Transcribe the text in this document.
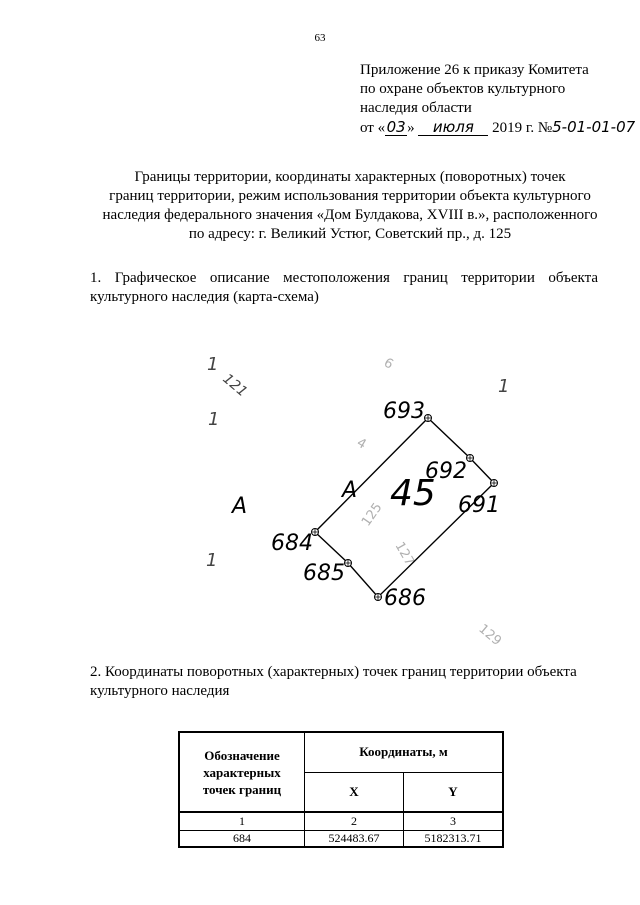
63
Приложение 26 к приказу Комитета
по охране объектов культурного
наследия области
от «03» июля 2019 г. №5-01-01-07
Границы территории, координаты характерных (поворотных) точек
границ территории, режим использования территории объекта культурного
наследия федерального значения «Дом Булдакова, XVIII в.», расположенного
по адресу: г. Великий Устюг, Советский пр., д. 125
1. Графическое описание местоположения границ территории объекта
культурного наследия (карта-схема)
125
127
129
6
4
1
121
1
1
1
А
А
693
692
691
686
685
684
45
2. Координаты поворотных (характерных) точек границ территории объекта
культурного наследия
Обозначение
характерных
точек границ	Координаты, м	
	X	Y
1	2	3
684	524483.67	5182313.71
